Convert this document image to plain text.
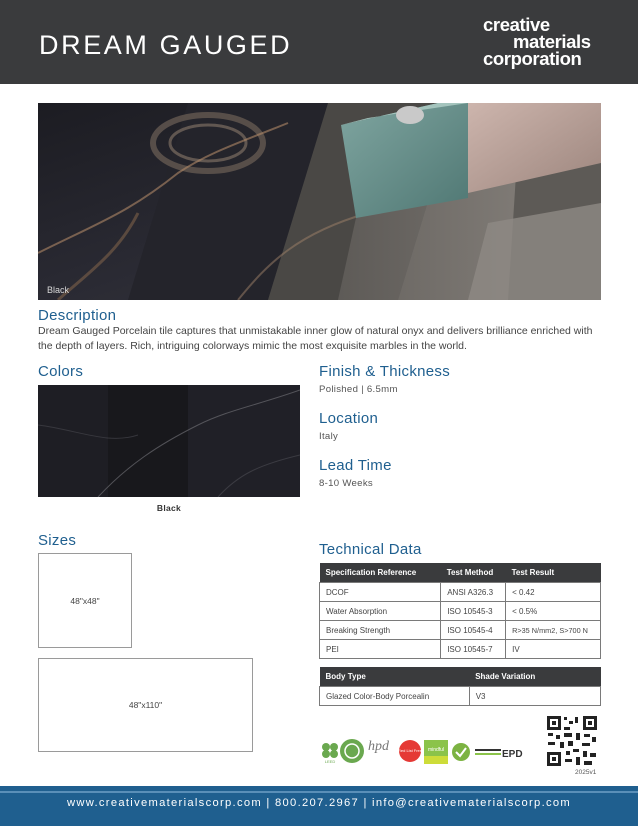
DREAM GAUGED
creative
materials
corporation
Black
Description
Dream Gauged Porcelain tile captures that unmistakable inner glow of natural onyx and delivers brilliance enriched with the depth of layers. Rich, intriguing colorways mimic the most exquisite marbles in the world.
Colors
Black
Finish & Thickness
Polished | 6.5mm
Location
Italy
Lead Time
8-10 Weeks
Sizes
48"x48"
48"x110"
Technical Data
Specification Reference	Test Method	Test Result
DCOF	ANSI A326.3	< 0.42
Water Absorption	ISO 10545-3	< 0.5%
Breaking Strength	ISO 10545-4	R>35 N/mm2, S>700 N
PEI	ISO 10545-7	IV
Body Type	Shade Variation
Glazed Color-Body Porcealin	V3
LEED
hpd Red List Free mindful	EPD
2025v1
www.creativematerialscorp.com | 800.207.2967 | info@creativematerialscorp.com
